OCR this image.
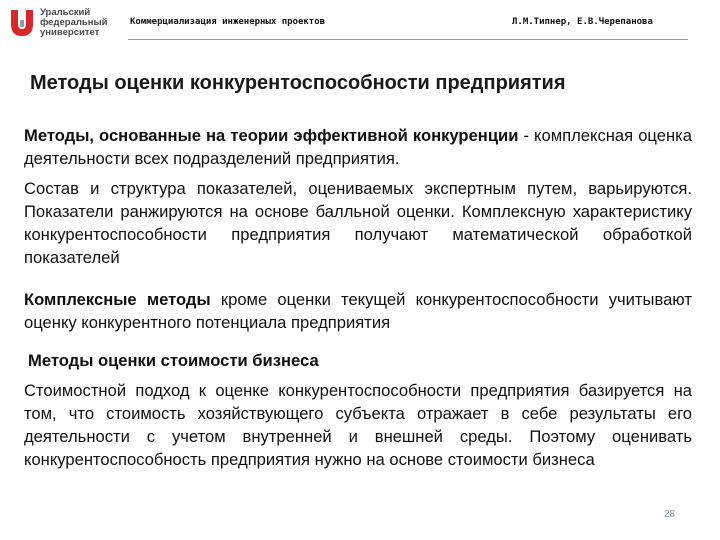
Уральский
федеральный
университет
Коммерциализация инженерных проектов	Л.М.Типнер, Е.В.Черепанова
Методы оценки конкурентоспособности предприятия

Методы, основанные на теории эффективной конкуренции - комплексная оценка деятельности всех подразделений предприятия.

Состав и структура показателей, оцениваемых экспертным путем, варьируются. Показатели ранжируются на основе балльной оценки. Комплексную характеристику конкурентоспособности предприятия получают математической обработкой показателей

Комплексные методы кроме оценки текущей конкурентоспособности учитывают оценку конкурентного потенциала предприятия

Методы оценки стоимости бизнеса

Стоимостной подход к оценке конкурентоспособности предприятия базируется на том, что стоимость хозяйствующего субъекта отражает в себе результаты его деятельности с учетом внутренней и внешней среды. Поэтому оценивать конкурентоспособность предприятия нужно на основе стоимости бизнеса

28
